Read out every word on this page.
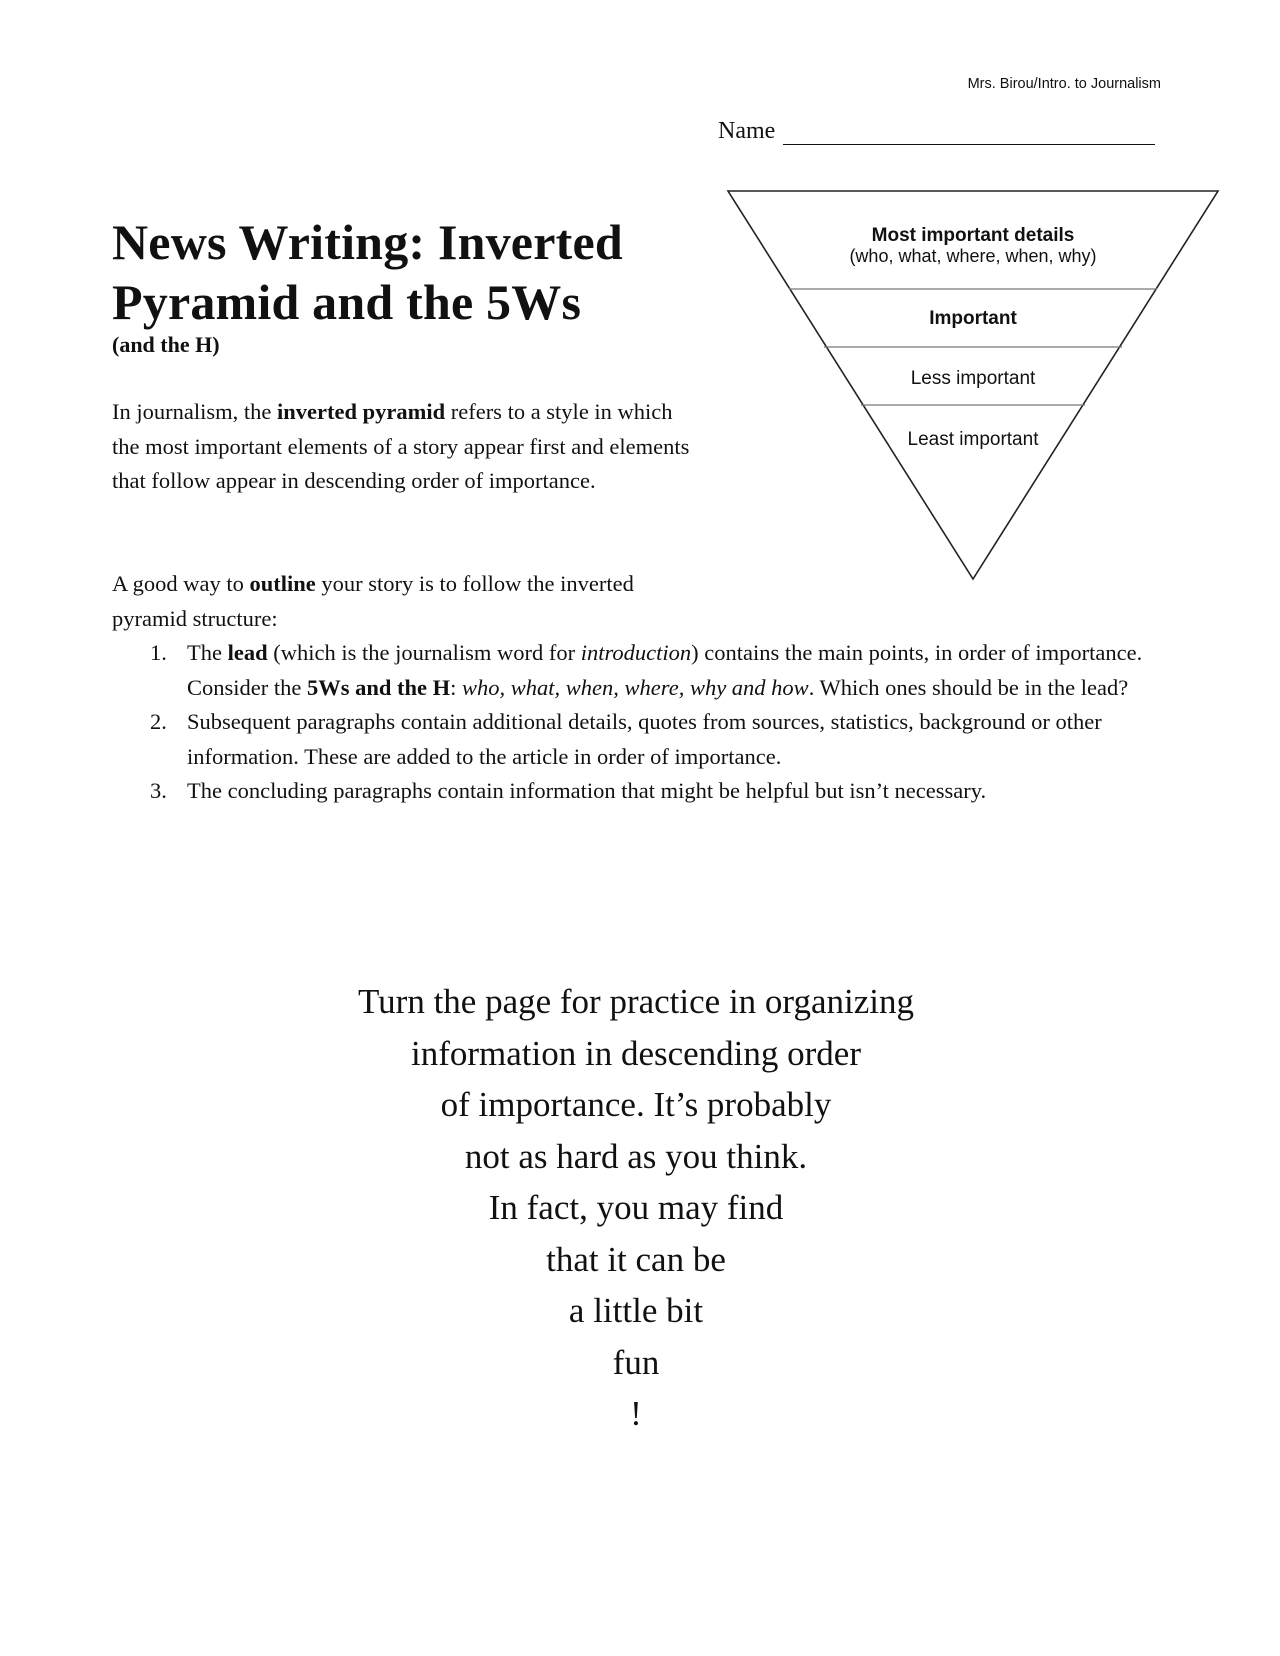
Mrs. Birou/Intro. to Journalism
Name
News Writing: Inverted
Pyramid and the 5Ws
(and the H)

In journalism, the inverted pyramid refers to a style in which the most important elements of a story appear first and elements that follow appear in descending order of importance.

A good way to outline your story is to follow the inverted pyramid structure:

1. The lead (which is the journalism word for introduction) contains the main points, in order of importance. Consider the 5Ws and the H: who, what, when, where, why and how. Which ones should be in the lead?
2. Subsequent paragraphs contain additional details, quotes from sources, statistics, background or other information. These are added to the article in order of importance.
3. The concluding paragraphs contain information that might be helpful but isn’t necessary.
Most important details
(who, what, where, when, why)
Important
Less important
Least important
Turn the page for practice in organizing
information in descending order
of importance. It’s probably
not as hard as you think.
In fact, you may find
that it can be
a little bit
fun
!
